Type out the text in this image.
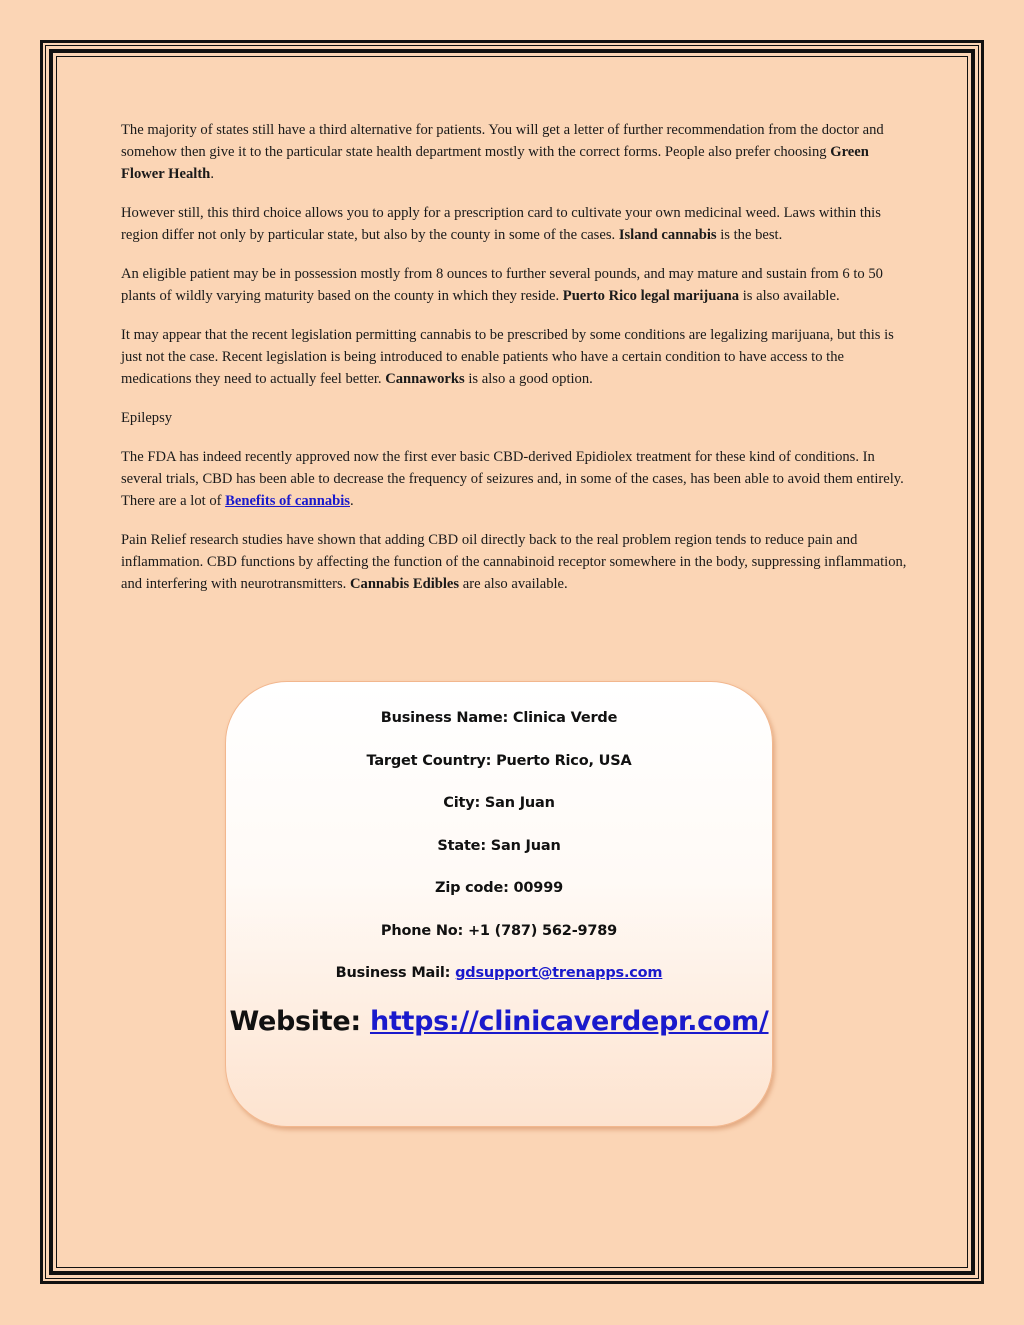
The majority of states still have a third alternative for patients. You will get a letter of further recommendation from the doctor and somehow then give it to the particular state health department mostly with the correct forms. People also prefer choosing Green Flower Health.

However still, this third choice allows you to apply for a prescription card to cultivate your own medicinal weed. Laws within this region differ not only by particular state, but also by the county in some of the cases. Island cannabis is the best.

An eligible patient may be in possession mostly from 8 ounces to further several pounds, and may mature and sustain from 6 to 50 plants of wildly varying maturity based on the county in which they reside. Puerto Rico legal marijuana is also available.

It may appear that the recent legislation permitting cannabis to be prescribed by some conditions are legalizing marijuana, but this is just not the case. Recent legislation is being introduced to enable patients who have a certain condition to have access to the medications they need to actually feel better. Cannaworks is also a good option.

Epilepsy

The FDA has indeed recently approved now the first ever basic CBD-derived Epidiolex treatment for these kind of conditions. In several trials, CBD has been able to decrease the frequency of seizures and, in some of the cases, has been able to avoid them entirely. There are a lot of Benefits of cannabis.

Pain Relief research studies have shown that adding CBD oil directly back to the real problem region tends to reduce pain and inflammation. CBD functions by affecting the function of the cannabinoid receptor somewhere in the body, suppressing inflammation, and interfering with neurotransmitters. Cannabis Edibles are also available.

Business Name: Clinica Verde
Target Country: Puerto Rico, USA
City: San Juan
State: San Juan
Zip code: 00999
Phone No: +1 (787) 562-9789
Business Mail: gdsupport@trenapps.com
Website: https://clinicaverdepr.com/
